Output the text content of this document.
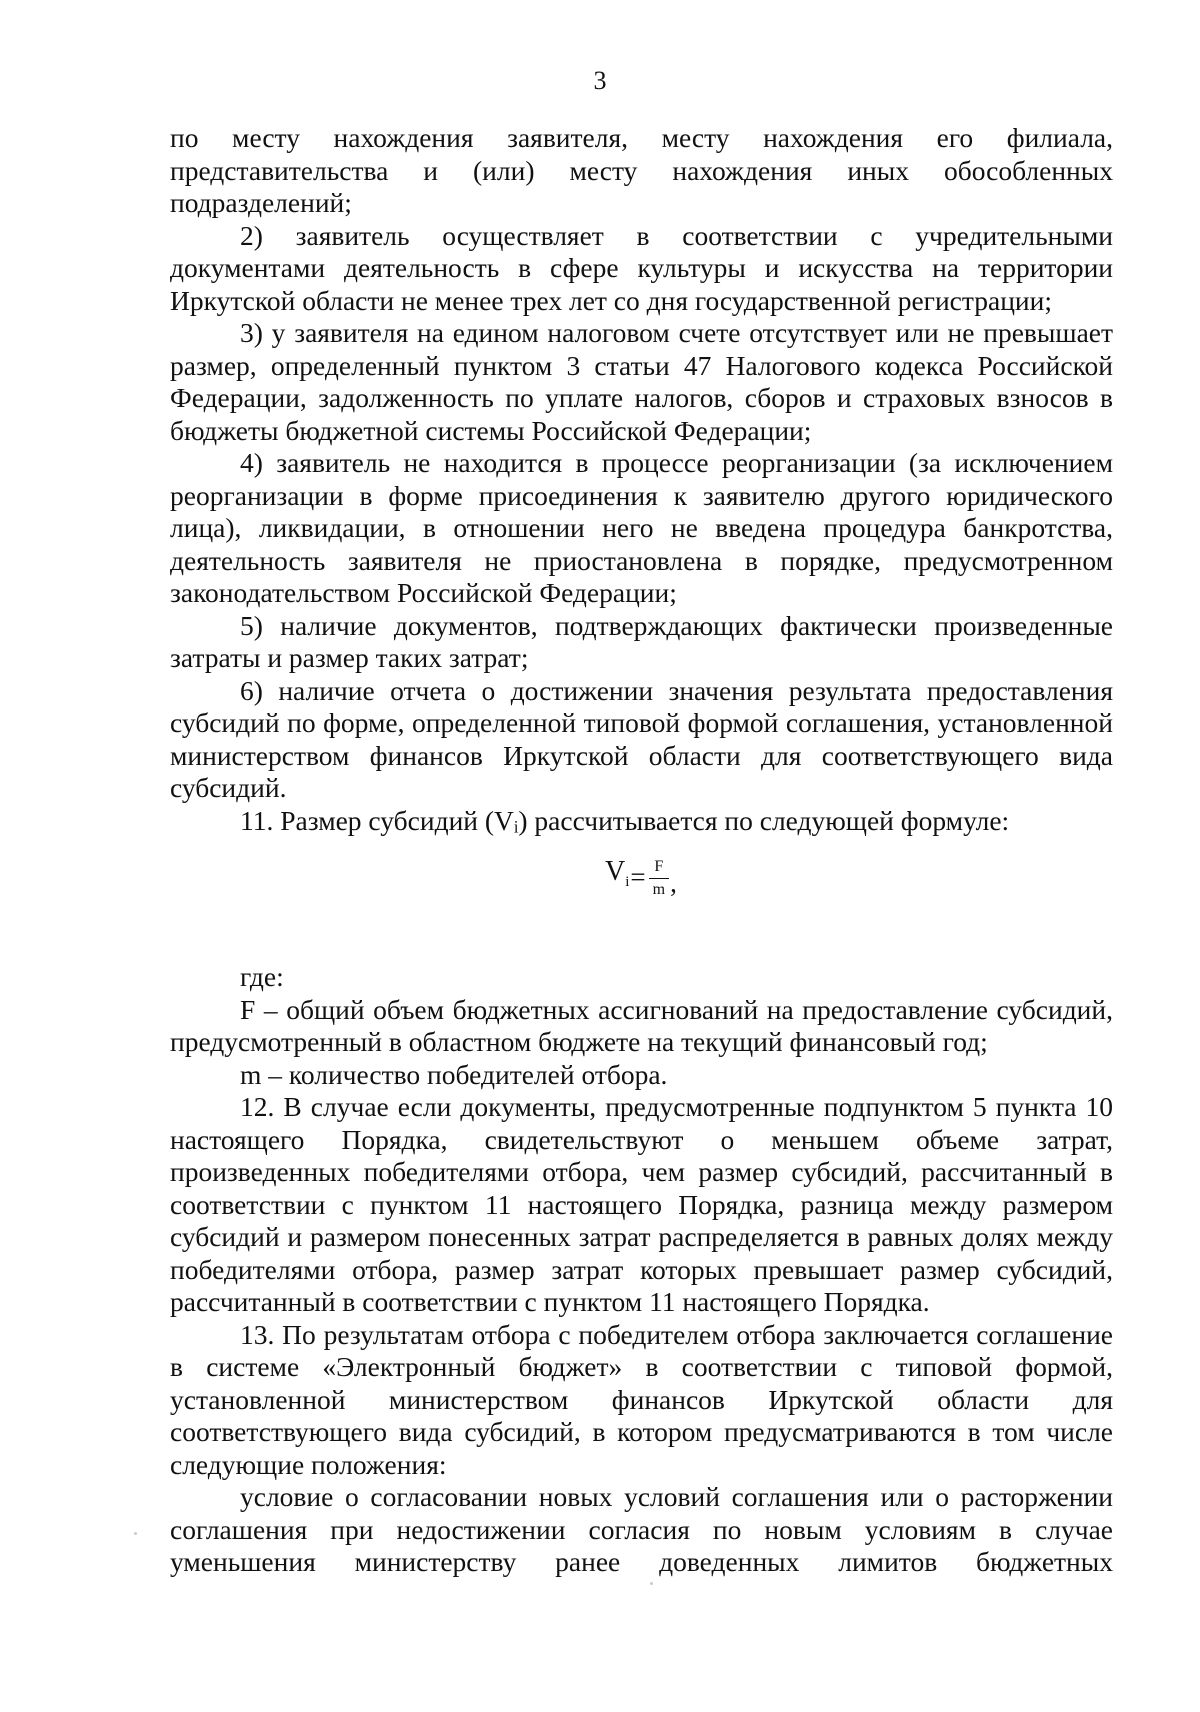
3

по месту нахождения заявителя, месту нахождения его филиала, представительства и (или) месту нахождения иных обособленных подразделений;

2) заявитель осуществляет в соответствии с учредительными документами деятельность в сфере культуры и искусства на территории Иркутской области не менее трех лет со дня государственной регистрации;

3) у заявителя на едином налоговом счете отсутствует или не превышает размер, определенный пунктом 3 статьи 47 Налогового кодекса Российской Федерации, задолженность по уплате налогов, сборов и страховых взносов в бюджеты бюджетной системы Российской Федерации;

4) заявитель не находится в процессе реорганизации (за исключением реорганизации в форме присоединения к заявителю другого юридического лица), ликвидации, в отношении него не введена процедура банкротства, деятельность заявителя не приостановлена в порядке, предусмотренном законодательством Российской Федерации;

5) наличие документов, подтверждающих фактически произведенные затраты и размер таких затрат;

6) наличие отчета о достижении значения результата предоставления субсидий по форме, определенной типовой формой соглашения, установленной министерством финансов Иркутской области для соответствующего вида субсидий.

11. Размер субсидий (Vᵢ) рассчитывается по следующей формуле:

$V_i = \frac{F}{m}$ ,

где:

F – общий объем бюджетных ассигнований на предоставление субсидий, предусмотренный в областном бюджете на текущий финансовый год;

m – количество победителей отбора.

12. В случае если документы, предусмотренные подпунктом 5 пункта 10 настоящего Порядка, свидетельствуют о меньшем объеме затрат, произведенных победителями отбора, чем размер субсидий, рассчитанный в соответствии с пунктом 11 настоящего Порядка, разница между размером субсидий и размером понесенных затрат распределяется в равных долях между победителями отбора, размер затрат которых превышает размер субсидий, рассчитанный в соответствии с пунктом 11 настоящего Порядка.

13. По результатам отбора с победителем отбора заключается соглашение в системе «Электронный бюджет» в соответствии с типовой формой, установленной министерством финансов Иркутской области для соответствующего вида субсидий, в котором предусматриваются в том числе следующие положения:

условие о согласовании новых условий соглашения или о расторжении соглашения при недостижении согласия по новым условиям в случае уменьшения министерству ранее доведенных лимитов бюджетных
